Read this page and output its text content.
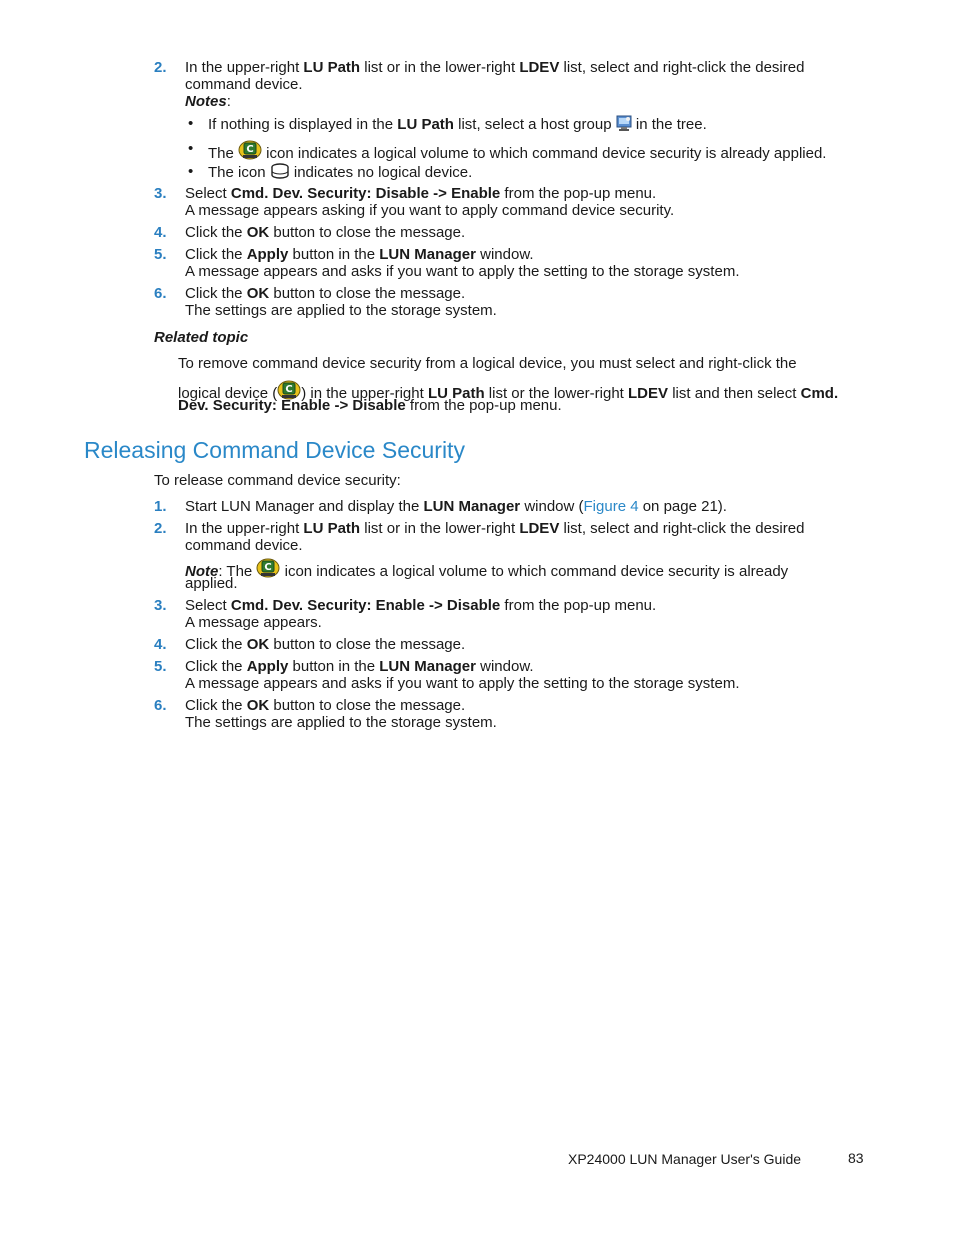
2. In the upper-right LU Path list or in the lower-right LDEV list, select and right-click the desired
command device.
Notes:
• If nothing is displayed in the LU Path list, select a host group
in the tree.
• The C icon indicates a logical volume to which command device security is already applied.
• The icon
indicates no logical device.
3. Select Cmd. Dev. Security: Disable -> Enable from the pop-up menu.
A message appears asking if you want to apply command device security.
4. Click the OK button to close the message.
5. Click the Apply button in the LUN Manager window.
A message appears and asks if you want to apply the setting to the storage system.
6. Click the OK button to close the message.
The settings are applied to the storage system.
Related topic
To remove command device security from a logical device, you must select and right-click the
logical device ( C ) in the upper-right LU Path list or the lower-right LDEV list and then select Cmd.
Dev. Security: Enable -> Disable from the pop-up menu.
Releasing Command Device Security
To release command device security:
1. Start LUN Manager and display the LUN Manager window (Figure 4 on page 21).
2. In the upper-right LU Path list or in the lower-right LDEV list, select and right-click the desired
command device.
Note: The C icon indicates a logical volume to which command device security is already
applied.
3. Select Cmd. Dev. Security: Enable -> Disable from the pop-up menu.
A message appears.
4. Click the OK button to close the message.
5. Click the Apply button in the LUN Manager window.
A message appears and asks if you want to apply the setting to the storage system.
6. Click the OK button to close the message.
The settings are applied to the storage system.
XP24000 LUN Manager User's Guide	83
